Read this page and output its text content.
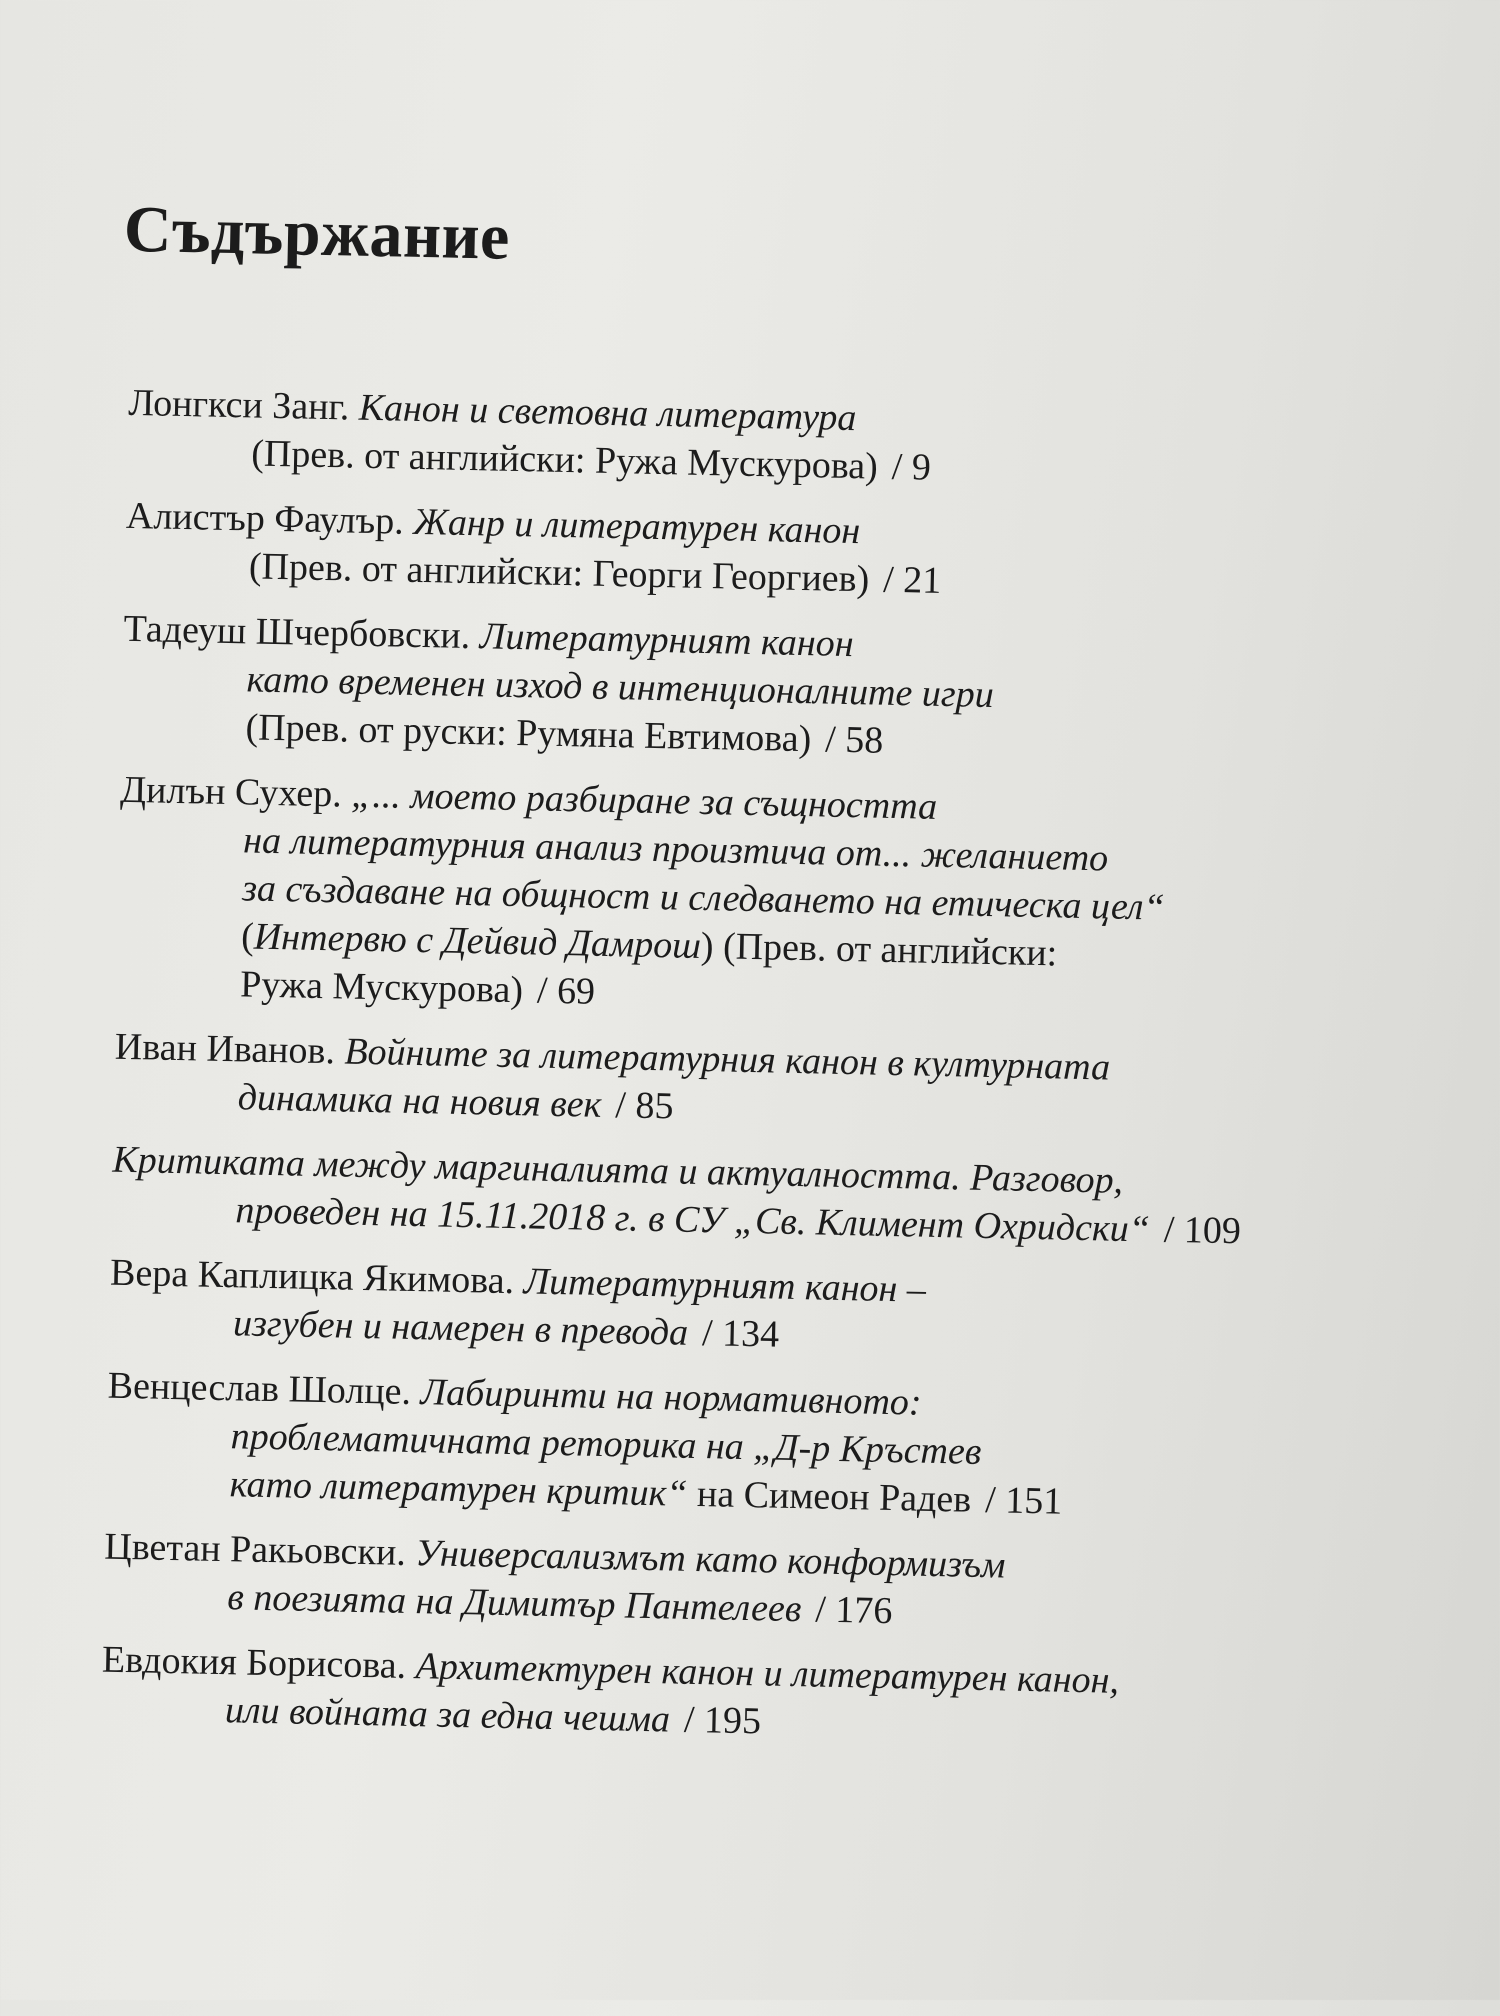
Съдържание
Лонгкси Занг. Канон и световна литература
(Прев. от английски: Ружа Мускурова) / 9
Алистър Фаулър. Жанр и литературен канон
(Прев. от английски: Георги Георгиев) / 21
Тадеуш Шчербовски. Литературният канон
като временен изход в интенционалните игри
(Прев. от руски: Румяна Евтимова) / 58
Дилън Сухер. „... моето разбиране за същността
на литературния анализ произтича от... желанието
за създаване на общност и следването на етическа цел“
(Интервю с Дейвид Дамрош) (Прев. от английски:
Ружа Мускурова) / 69
Иван Иванов. Войните за литературния канон в културната
динамика на новия век / 85
Критиката между маргиналията и актуалността. Разговор,
проведен на 15.11.2018 г. в СУ „Св. Климент Охридски“ / 109
Вера Каплицка Якимова. Литературният канон –
изгубен и намерен в превода / 134
Венцеслав Шолце. Лабиринти на нормативното:
проблематичната реторика на „Д-р Кръстев
като литературен критик“ на Симеон Радев / 151
Цветан Ракьовски. Универсализмът като конформизъм
в поезията на Димитър Пантелеев / 176
Евдокия Борисова. Архитектурен канон и литературен канон,
или войната за една чешма / 195
